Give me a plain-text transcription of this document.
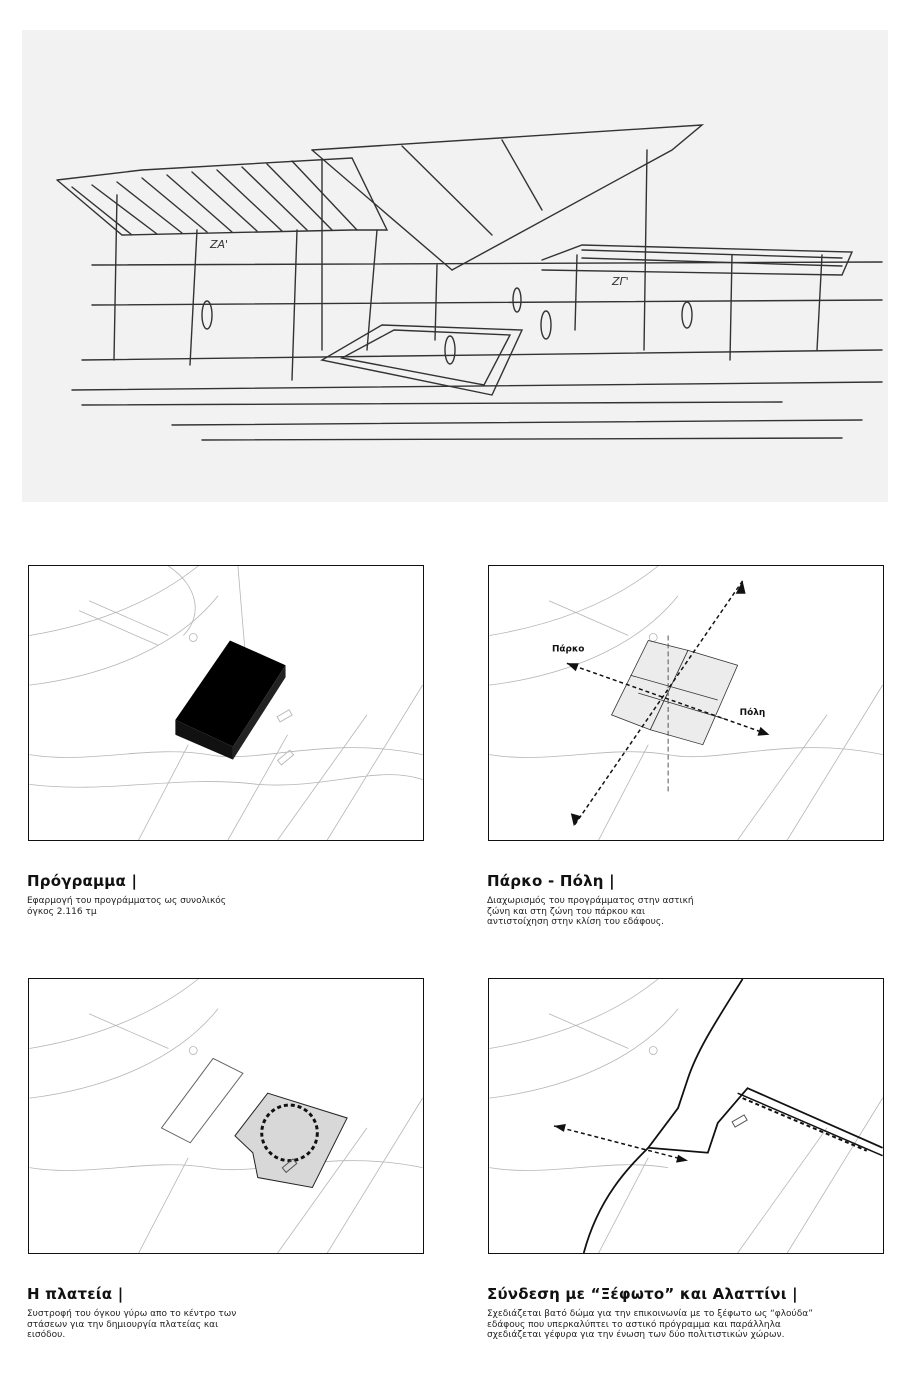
ZA'
ZΓ'
Πρόγραμμα |
Εφαρμογή του προγράμματος ως συνολικός
όγκος 2.116 τμ
Πάρκο
Πόλη
Πάρκο - Πόλη |
Διαχωρισμός του προγράμματος στην αστική
ζώνη και στη ζώνη του πάρκου και
αντιστοίχηση στην κλίση του εδάφους.
Η πλατεία |
Συστροφή του όγκου γύρω απο το κέντρο των
στάσεων για την δημιουργία πλατείας και
εισόδου.
Σύνδεση με “Ξέφωτο” και Αλαττίνι |
Σχεδιάζεται βατό δώμα για την επικοινωνία με το ξέφωτο ως “φλούδα”
εδάφους που υπερκαλύπτει το αστικό πρόγραμμα και παράλληλα
σχεδιάζεται γέφυρα για την ένωση των δύο πολιτιστικών χώρων.
